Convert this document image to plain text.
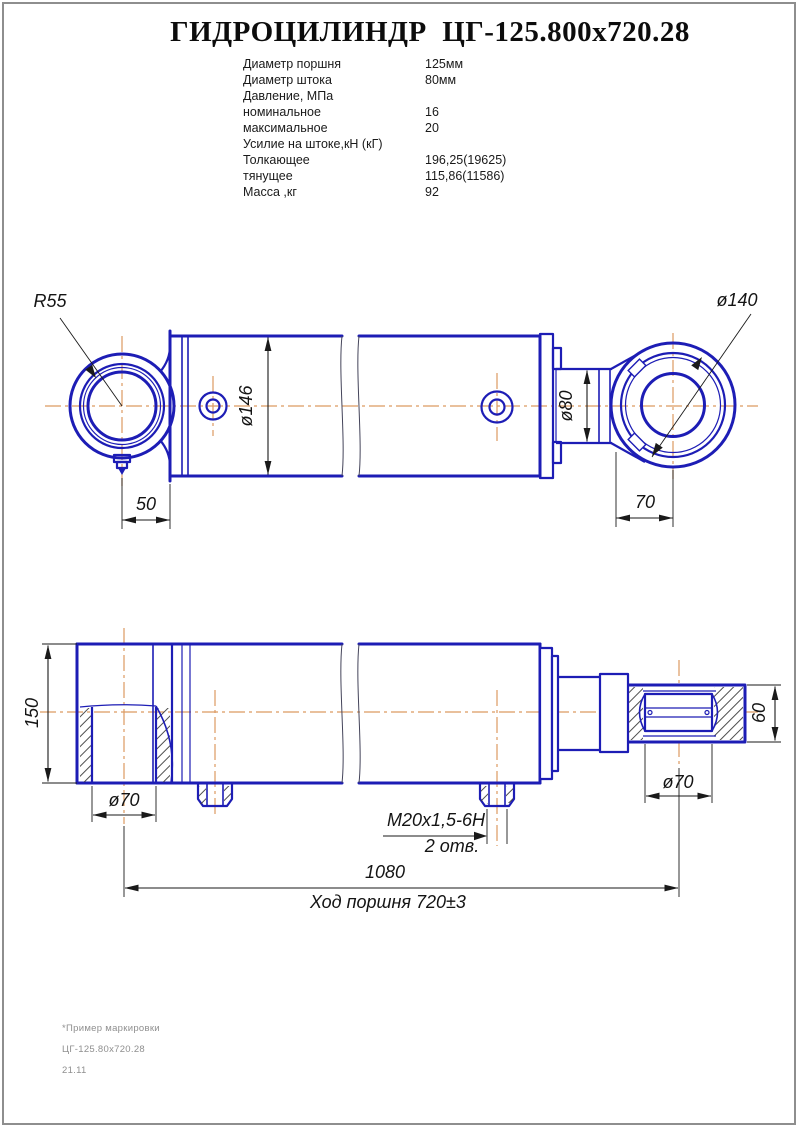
ГИДРОЦИЛИНДР  ЦГ-125.800х720.28
Диаметр поршня	125мм
Диаметр штока	80мм
Давление, МПа
номинальное	16
максимальное	20
Усилие на штоке,кН (кГ)
Толкающее	196,25(19625)
тянущее	115,86(11586)
Масса ,кг	92
R55	ø140
ø146	ø80
50	70
150
ø70
M20x1,5-6H
2 отв.
ø70
60
1080
Ход поршня 720±3
*Пример маркировки
ЦГ-125.80х720.28
21.11
